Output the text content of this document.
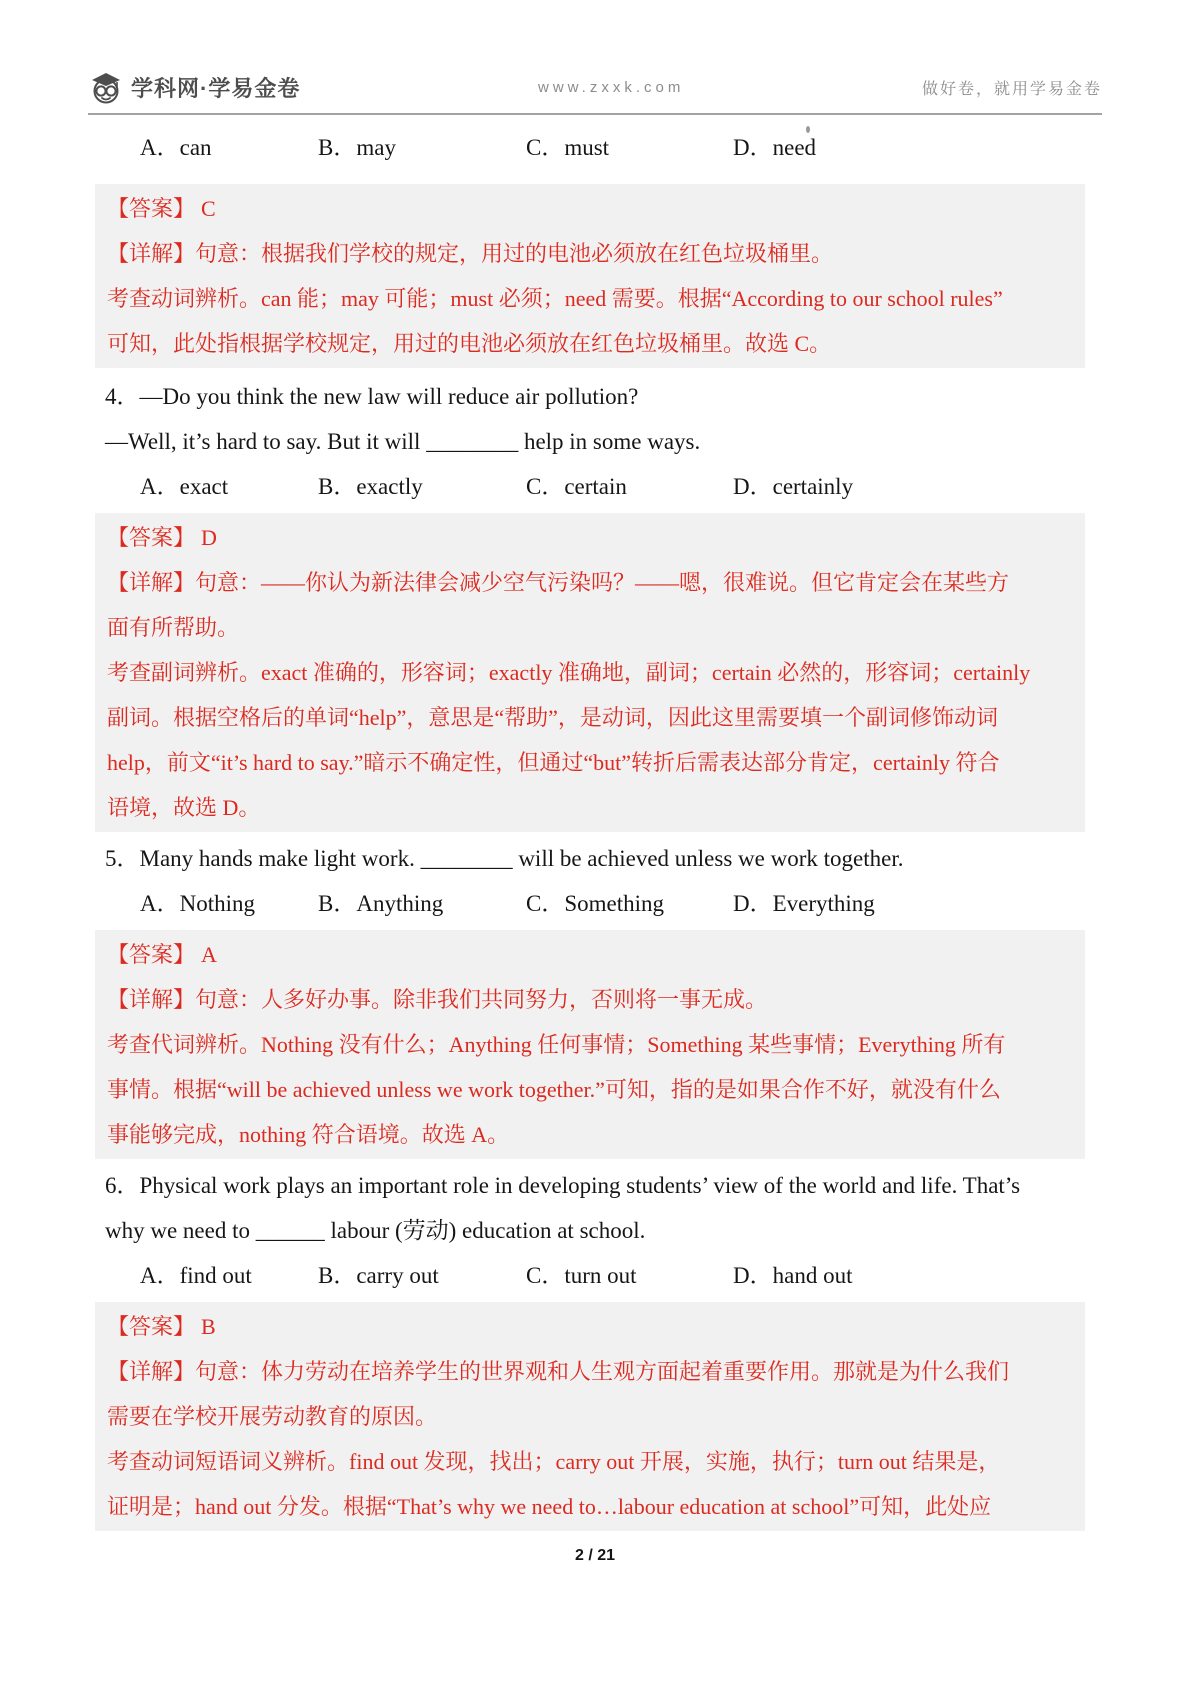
学科网·学易金卷	www.zxxk.com	做好卷，就用学易金卷
A．can	B．may	C．must	D．need
【答案】 C
【详解】句意：根据我们学校的规定，用过的电池必须放在红色垃圾桶里。
考查动词辨析。can 能；may 可能；must 必须；need 需要。根据“According to our school rules”
可知，此处指根据学校规定，用过的电池必须放在红色垃圾桶里。故选 C。
4．—Do you think the new law will reduce air pollution?
—Well, it’s hard to say. But it will ________ help in some ways.
A．exact	B．exactly	C．certain	D．certainly
【答案】 D
【详解】句意：——你认为新法律会减少空气污染吗？——嗯，很难说。但它肯定会在某些方
面有所帮助。
考查副词辨析。exact 准确的，形容词；exactly 准确地，副词；certain 必然的，形容词；certainly
副词。根据空格后的单词“help”，意思是“帮助”，是动词，因此这里需要填一个副词修饰动词
help，前文“it’s hard to say.”暗示不确定性，但通过“but”转折后需表达部分肯定，certainly 符合
语境，故选 D。
5．Many hands make light work. ________ will be achieved unless we work together.
A．Nothing	B．Anything	C．Something	D．Everything
【答案】 A
【详解】句意：人多好办事。除非我们共同努力，否则将一事无成。
考查代词辨析。Nothing 没有什么；Anything 任何事情；Something 某些事情；Everything 所有
事情。根据“will be achieved unless we work together.”可知，指的是如果合作不好，就没有什么
事能够完成，nothing 符合语境。故选 A。
6．Physical work plays an important role in developing students’ view of the world and life. That’s
why we need to ______ labour (劳动) education at school.
A．find out	B．carry out	C．turn out	D．hand out
【答案】 B
【详解】句意：体力劳动在培养学生的世界观和人生观方面起着重要作用。那就是为什么我们
需要在学校开展劳动教育的原因。
考查动词短语词义辨析。find out 发现，找出；carry out 开展，实施，执行；turn out 结果是，
证明是；hand out 分发。根据“That’s why we need to…labour education at school”可知，此处应
2 / 21
